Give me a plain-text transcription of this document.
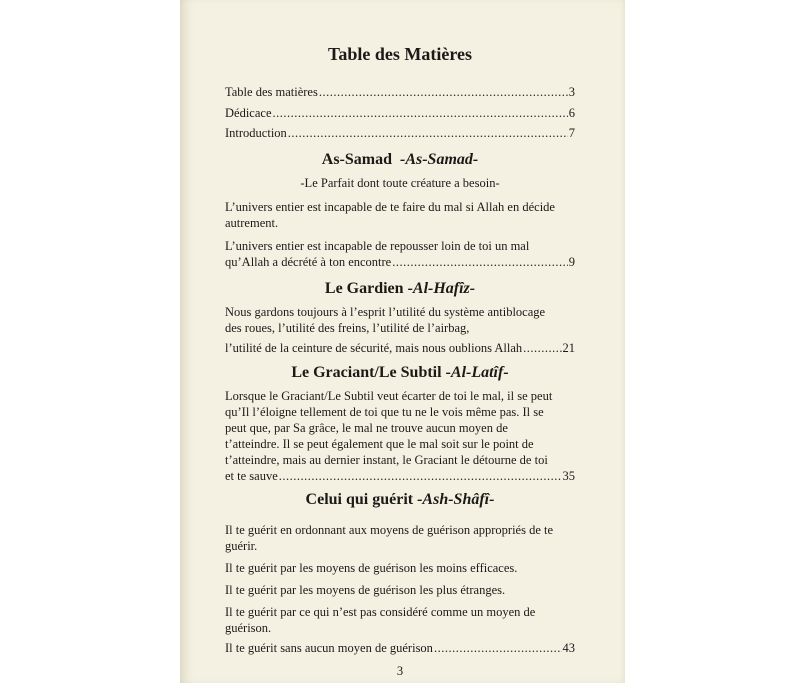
Table des Matières
Table des matières .....	3
Dédicace .....	6
Introduction .....	7
As-Samad -As-Samad-
-Le Parfait dont toute créature a besoin-
L’univers entier est incapable de te faire du mal si Allah en décide
autrement.
L’univers entier est incapable de repousser loin de toi un mal
qu’Allah a décrété à ton encontre .....	9
Le Gardien -Al-Hafîz-
Nous gardons toujours à l’esprit l’utilité du système antiblocage
des roues, l’utilité des freins, l’utilité de l’airbag,
l’utilité de la ceinture de sécurité, mais nous oublions Allah .....	21
Le Graciant/Le Subtil -Al-Latîf-
Lorsque le Graciant/Le Subtil veut écarter de toi le mal, il se peut
qu’Il l’éloigne tellement de toi que tu ne le vois même pas. Il se
peut que, par Sa grâce, le mal ne trouve aucun moyen de
t’atteindre. Il se peut également que le mal soit sur le point de
t’atteindre, mais au dernier instant, le Graciant le détourne de toi
et te sauve .....	35
Celui qui guérit -Ash-Shâfî-
Il te guérit en ordonnant aux moyens de guérison appropriés de te
guérir.
Il te guérit par les moyens de guérison les moins efficaces.
Il te guérit par les moyens de guérison les plus étranges.
Il te guérit par ce qui n’est pas considéré comme un moyen de
guérison.
Il te guérit sans aucun moyen de guérison .....	43
3
